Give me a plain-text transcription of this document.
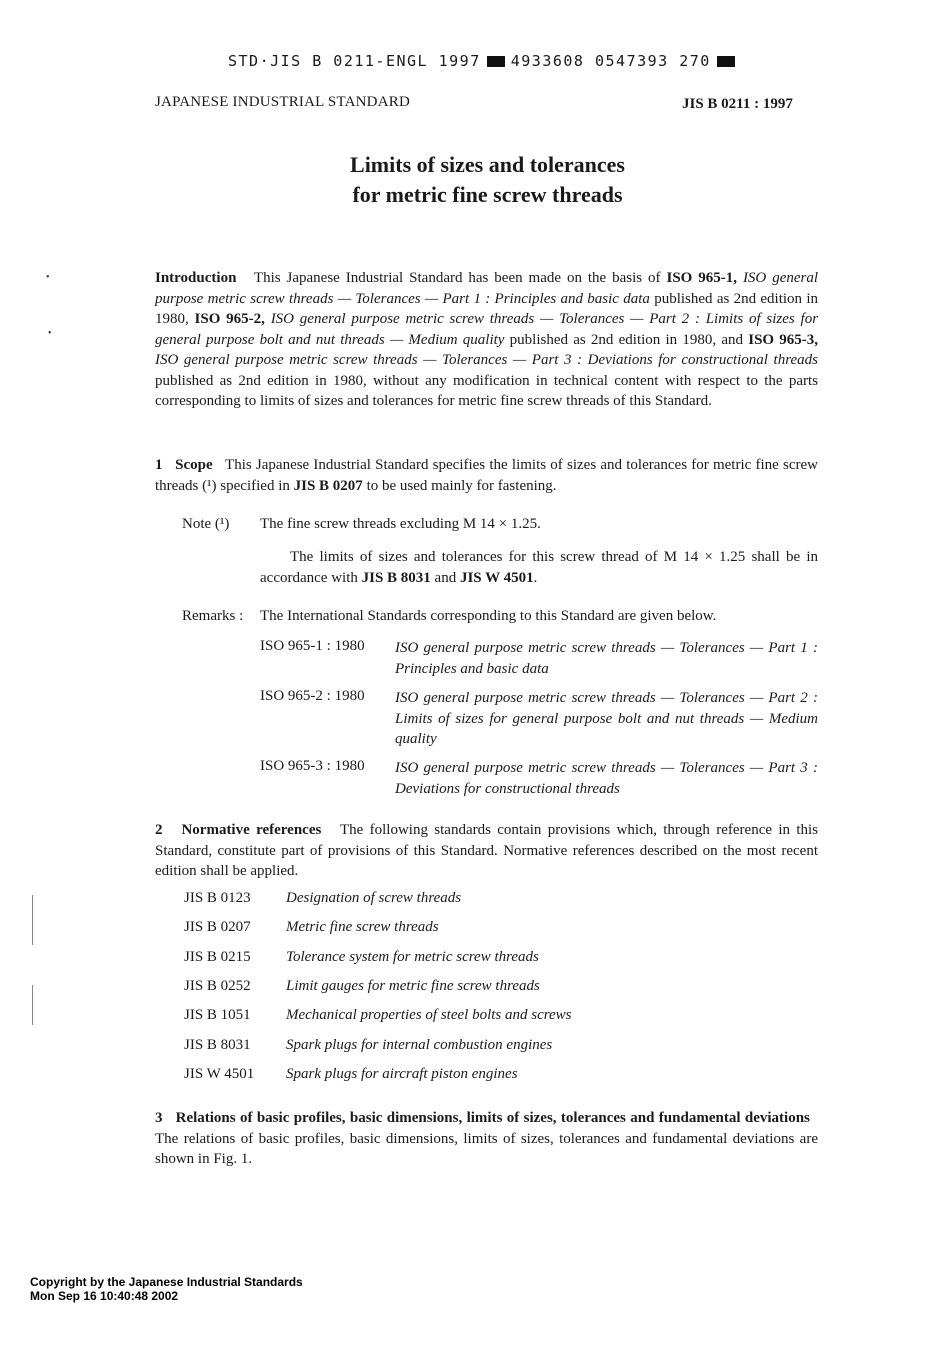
STD·JIS B 0211-ENGL 1997 4933608 0547393 270
JAPANESE INDUSTRIAL STANDARD	JIS B 0211 : 1997
Limits of sizes and tolerances
for metric fine screw threads
•
•
Introduction This Japanese Industrial Standard has been made on the basis of ISO 965-1, ISO general purpose metric screw threads — Tolerances — Part 1 : Principles and basic data published as 2nd edition in 1980, ISO 965-2, ISO general purpose metric screw threads — Tolerances — Part 2 : Limits of sizes for general purpose bolt and nut threads — Medium quality published as 2nd edition in 1980, and ISO 965-3, ISO general purpose metric screw threads — Tolerances — Part 3 : Deviations for constructional threads published as 2nd edition in 1980, without any modification in technical content with respect to the parts corresponding to limits of sizes and tolerances for metric fine screw threads of this Standard.
1 Scope This Japanese Industrial Standard specifies the limits of sizes and tolerances for metric fine screw threads (¹) specified in JIS B 0207 to be used mainly for fastening.
Note (¹) The fine screw threads excluding M 14 × 1.25.
The limits of sizes and tolerances for this screw thread of M 14 × 1.25 shall be in accordance with JIS B 8031 and JIS W 4501.
Remarks : The International Standards corresponding to this Standard are given below.
ISO 965-1 : 1980 ISO general purpose metric screw threads — Tolerances — Part 1 : Principles and basic data
ISO 965-2 : 1980 ISO general purpose metric screw threads — Tolerances — Part 2 : Limits of sizes for general purpose bolt and nut threads — Medium quality
ISO 965-3 : 1980 ISO general purpose metric screw threads — Tolerances — Part 3 : Deviations for constructional threads
2 Normative references The following standards contain provisions which, through reference in this Standard, constitute part of provisions of this Standard. Normative references described on the most recent edition shall be applied.
JIS B 0123 Designation of screw threads
JIS B 0207 Metric fine screw threads
JIS B 0215 Tolerance system for metric screw threads
JIS B 0252 Limit gauges for metric fine screw threads
JIS B 1051 Mechanical properties of steel bolts and screws
JIS B 8031 Spark plugs for internal combustion engines
JIS W 4501 Spark plugs for aircraft piston engines
3 Relations of basic profiles, basic dimensions, limits of sizes, tolerances and fundamental deviations   The relations of basic profiles, basic dimensions, limits of sizes, tolerances and fundamental deviations are shown in Fig. 1.
Copyright by the Japanese Industrial Standards
Mon Sep 16 10:40:48 2002
